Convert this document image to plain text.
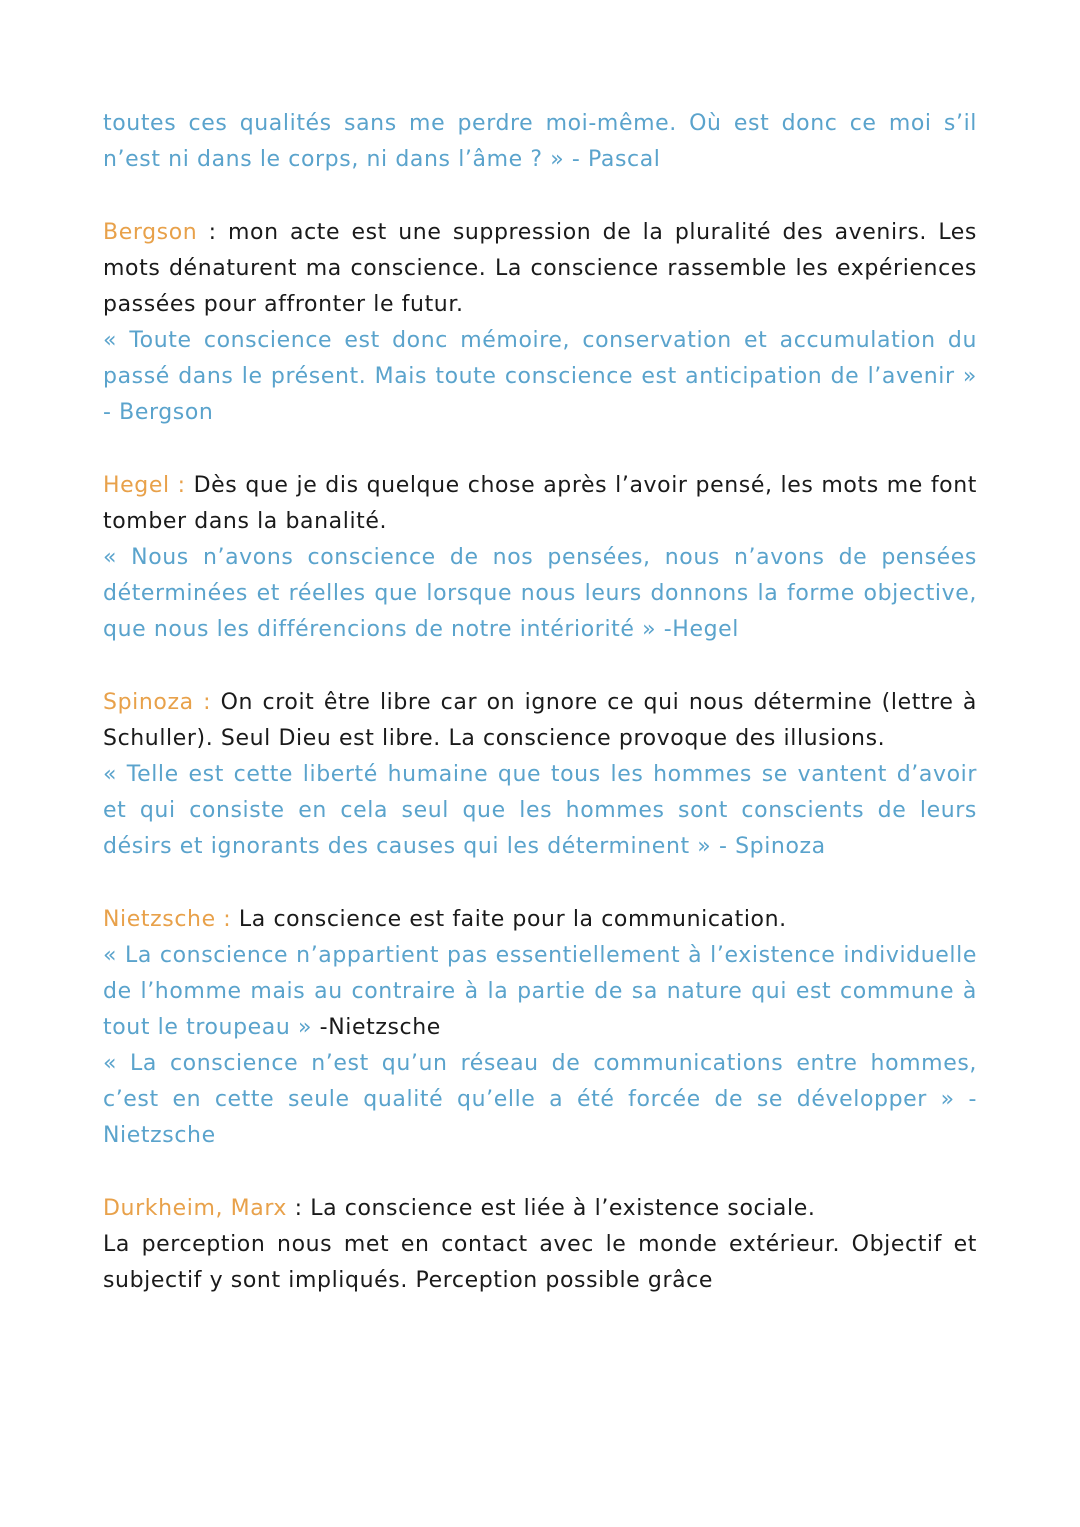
toutes ces qualités sans me perdre moi-même. Où est donc ce moi s’il n’est ni dans le corps, ni dans l’âme ? » - Pascal

Bergson : mon acte est une suppression de la pluralité des avenirs. Les mots dénaturent ma conscience. La conscience rassemble les expériences passées pour affronter le futur.

« Toute conscience est donc mémoire, conservation et accumulation du passé dans le présent. Mais toute conscience est anticipation de l’avenir » - Bergson

Hegel : Dès que je dis quelque chose après l’avoir pensé, les mots me font tomber dans la banalité.

« Nous n’avons conscience de nos pensées, nous n’avons de pensées déterminées et réelles que lorsque nous leurs donnons la forme objective, que nous les différencions de notre intériorité » -Hegel

Spinoza : On croit être libre car on ignore ce qui nous détermine (lettre à Schuller). Seul Dieu est libre. La conscience provoque des illusions.

« Telle est cette liberté humaine que tous les hommes se vantent d’avoir et qui consiste en cela seul que les hommes sont conscients de leurs désirs et ignorants des causes qui les déterminent » - Spinoza

Nietzsche : La conscience est faite pour la communication.

« La conscience n’appartient pas essentiellement à l’existence individuelle de l’homme mais au contraire à la partie de sa nature qui est commune à tout le troupeau » -Nietzsche

« La conscience n’est qu’un réseau de communications entre hommes, c’est en cette seule qualité qu’elle a été forcée de se développer » - Nietzsche

Durkheim, Marx : La conscience est liée à l’existence sociale.

La perception nous met en contact avec le monde extérieur. Objectif et subjectif y sont impliqués. Perception possible grâce
